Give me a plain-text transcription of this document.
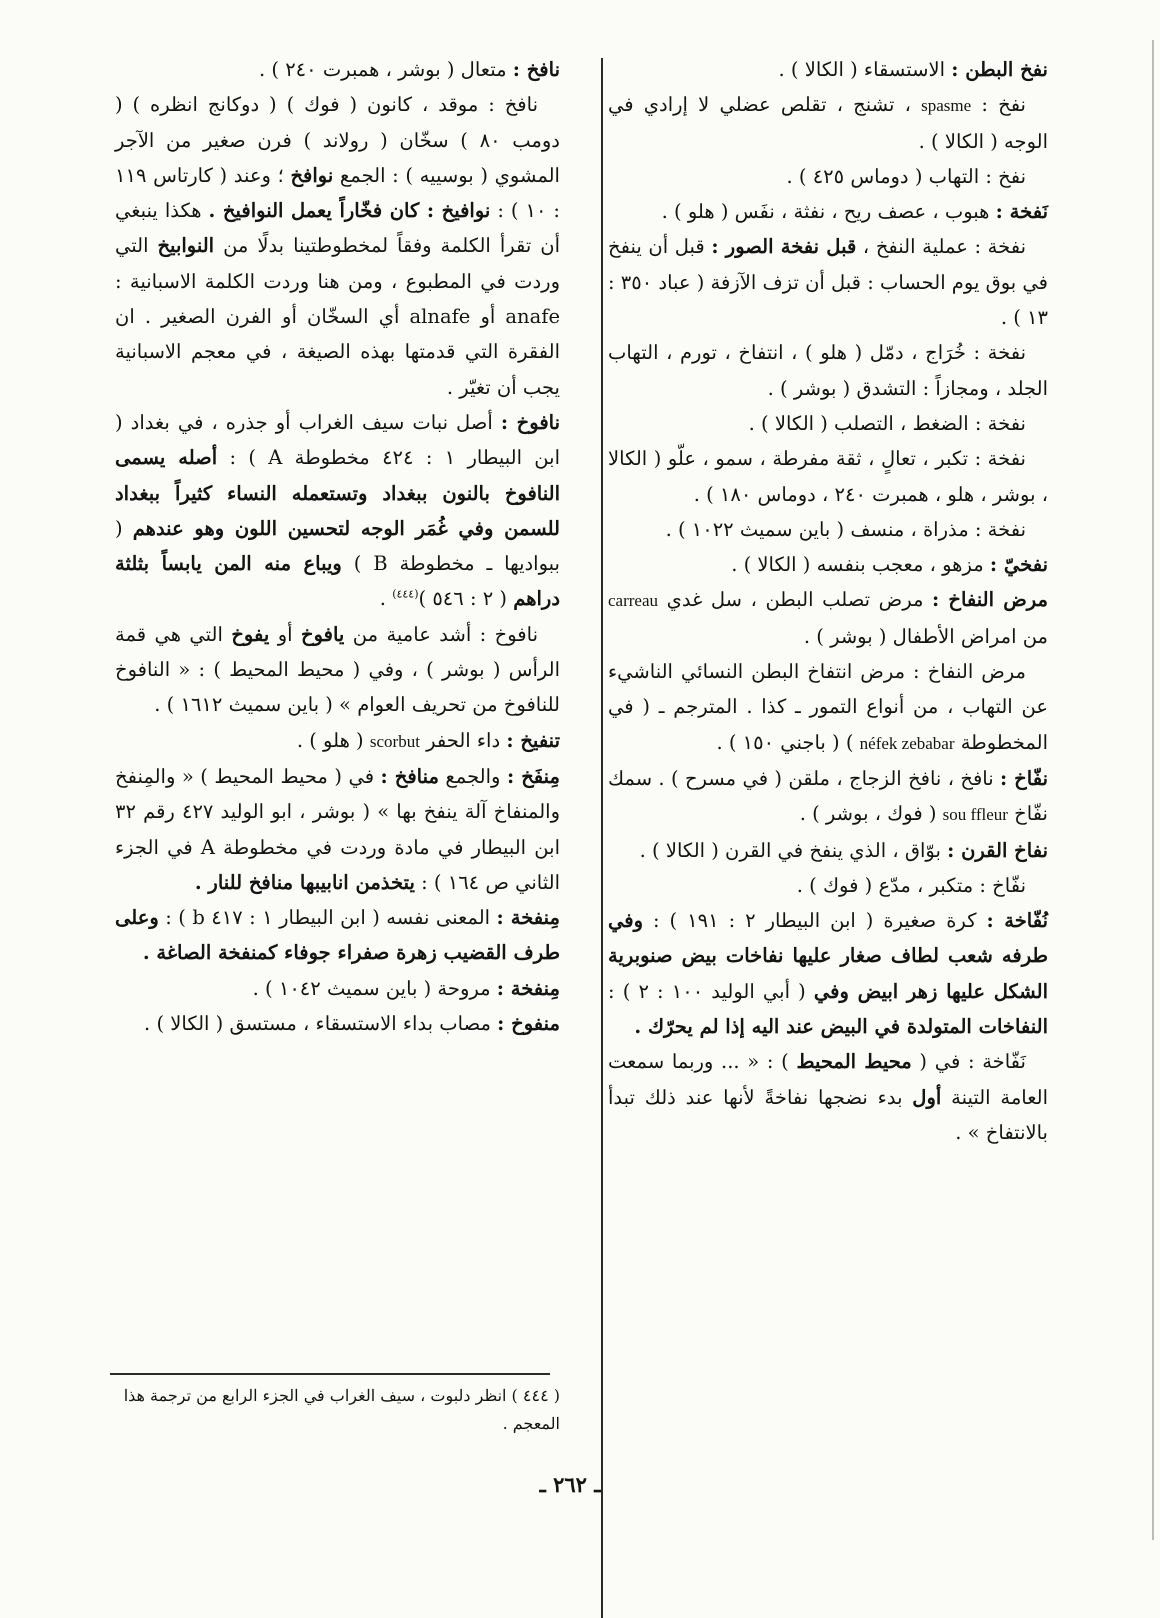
نفخ البطن : الاستسقاء ( الكالا ) .

نفخ : spasme ، تشنج ، تقلص عضلي لا إرادي في الوجه ( الكالا ) .

نفخ : التهاب ( دوماس ٤٢٥ ) .

نَفخة : هبوب ، عصف ريح ، نفثة ، نفَس ( هلو ) .

نفخة : عملية النفخ ، قبل نفخة الصور : قبل أن ينفخ في بوق يوم الحساب : قبل أن تزف الآزفة ( عباد ٣٥٠ : ١٣ ) .

نفخة : خُرَاج ، دمّل ( هلو ) ، انتفاخ ، تورم ، التهاب الجلد ، ومجازاً : التشدق ( بوشر ) .

نفخة : الضغط ، التصلب ( الكالا ) .

نفخة : تكبر ، تعالٍ ، ثقة مفرطة ، سمو ، علّو ( الكالا ، بوشر ، هلو ، همبرت ٢٤٠ ، دوماس ١٨٠ ) .

نفخة : مذراة ، منسف ( باين سميث ١٠٢٢ ) .

نفخيّ : مزهو ، معجب بنفسه ( الكالا ) .

مرض النفاخ : مرض تصلب البطن ، سل غدي carreau من امراض الأطفال ( بوشر ) .

مرض النفاخ : مرض انتفاخ البطن النسائي الناشيء عن التهاب ، من أنواع التمور ـ كذا . المترجم ـ ( في المخطوطة néfek zebabar ) ( باجني ١٥٠ ) .

نفّاخ : نافخ ، نافخ الزجاج ، ملقن ( في مسرح ) . سمك نفّاخ sou ffleur ( فوك ، بوشر ) .

نفاخ القرن : بوّاق ، الذي ينفخ في القرن ( الكالا ) .

نفّاخ : متكبر ، مدّع ( فوك ) .

نُفّاخة : كرة صغيرة ( ابن البيطار ٢ : ١٩١ ) : وفي طرفه شعب لطاف صغار عليها نفاخات بيض صنوبرية الشكل عليها زهر ابيض وفي ( أبي الوليد ١٠٠ : ٢ ) : النفاخات المتولدة في البيض عند اليه إذا لم يحرّك .

نَفّاخة : في ( محيط المحيط ) : « ... وربما سمعت العامة التينة أول بدء نضجها نفاخةً لأنها عند ذلك تبدأ بالانتفاخ » .

نافخ : متعال ( بوشر ، همبرت ٢٤٠ ) .

نافخ : موقد ، كانون ( فوك ) ( دوكانج انظره ) ( دومب ٨٠ ) سخّان ( رولاند ) فرن صغير من الآجر المشوي ( بوسييه ) : الجمع نوافخ ؛ وعند ( كارتاس ١١٩ : ١٠ ) : نوافيخ : كان فخّاراً يعمل النوافيخ . هكذا ينبغي أن تقرأ الكلمة وفقاً لمخطوطتينا بدلًا من النوابيخ التي وردت في المطبوع ، ومن هنا وردت الكلمة الاسبانية : anafe أو alnafe أي السخّان أو الفرن الصغير . ان الفقرة التي قدمتها بهذه الصيغة ، في معجم الاسبانية يجب أن تغيّر .

نافوخ : أصل نبات سيف الغراب أو جذره ، في بغداد ( ابن البيطار ١ : ٤٢٤ مخطوطة A ) : أصله يسمى النافوخ بالنون ببغداد وتستعمله النساء كثيراً ببغداد للسمن وفي غُمَر الوجه لتحسين اللون وهو عندهم ( ببواديها ـ مخطوطة B ) ويباع منه المن يابساً بثلثة دراهم ( ٢ : ٥٤٦ )$^{(٤٤٤)}$ .

نافوخ : أشد عامية من يافوخ أو يفوخ التي هي قمة الرأس ( بوشر ) ، وفي ( محيط المحيط ) : « النافوخ للنافوخ من تحريف العوام » ( باين سميث ١٦١٢ ) .

تنفيخ : داء الحفر scorbut ( هلو ) .

مِنفَخ : والجمع منافخ : في ( محيط المحيط ) « والمِنفخ والمنفاخ آلة ينفخ بها » ( بوشر ، ابو الوليد ٤٢٧ رقم ٣٢ ابن البيطار في مادة وردت في مخطوطة A في الجزء الثاني ص ١٦٤ ) : يتخذمن انابيبها منافخ للنار .

مِنفخة : المعنى نفسه ( ابن البيطار ١ : ٤١٧ b ) : وعلى طرف القضيب زهرة صفراء جوفاء كمنفخة الصاغة .

مِنفخة : مروحة ( باين سميث ١٠٤٢ ) .

منفوخ : مصاب بداء الاستسقاء ، مستسق ( الكالا ) .

( ٤٤٤ ) انظر دلبوت ، سيف الغراب في الجزء الرابع من ترجمة هذا المعجم .
ـ ٢٦٢ ـ
